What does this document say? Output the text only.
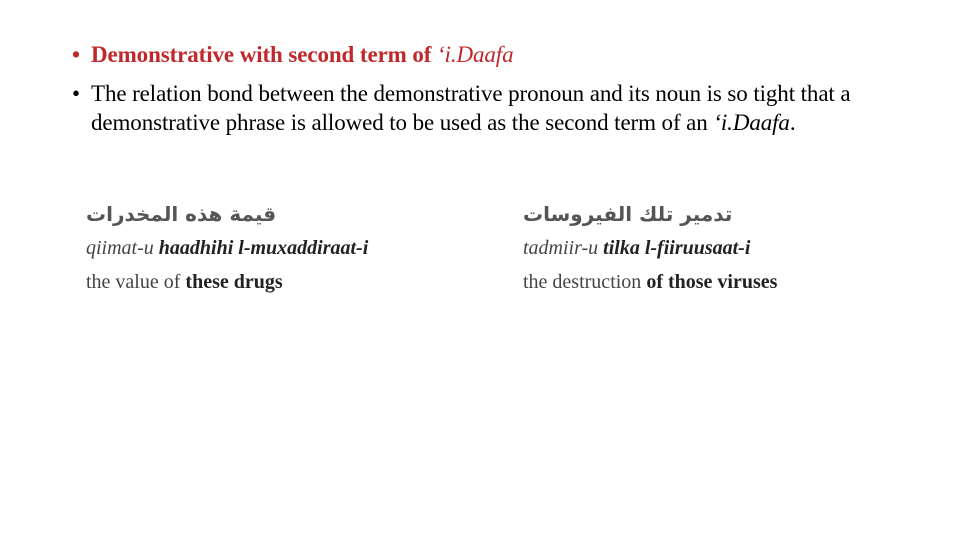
• Demonstrative with second term of ‘i.Daafa
• The relation bond between the demonstrative pronoun and its noun is so tight that a demonstrative phrase is allowed to be used as the second term of an ‘i.Daafa.
قيمة هذه المخدرات
qiimat-u haadhihi l-muxaddiraat-i
the value of these drugs
تدمير تلك الفيروسات
tadmiir-u tilka l-fiiruusaat-i
the destruction of those viruses
